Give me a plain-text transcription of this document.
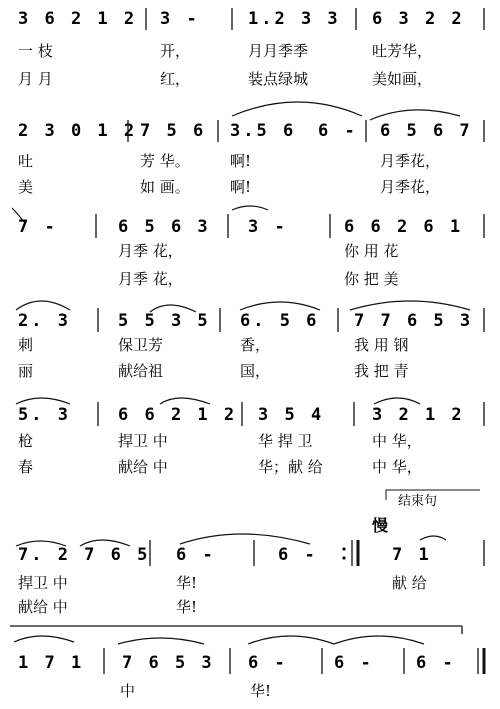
3 6 2 1 2 3 -	1.2 3 3 6 3 2 2
一 枝	开，	月月季季	吐芳华，
月 月	红，	装点绿城	美如画，
2 3 0 1 2 7 5 6 3.5 6 6 - 6 5 6 7
吐	芳 华。	啊!	月季花，
美	如 画。	啊!	月季花，
7 -	6 5 6 3 3 -	6 6 2 6 1
月季 花，	你 用 花
月季 花，	你 把 美
2. 3	5 5 3 5 6. 5 6 7 7 6 5 3
刺	保卫芳	香，	我 用 钢
丽	献给祖	国，	我 把 青
5. 3	6 6 2 1 2 3 5 4	3 2 1 2
枪	捍卫 中	华 捍 卫	中 华，
春	献给 中	华；献 给	中 华，
结束句
慢
7. 2 7 6 5 6 -	6 -	7 1
捍卫 中	华!	献 给
献给 中	华!
1 7 1 7 6 5 3 6 -	6 - 6 -
中	华!
